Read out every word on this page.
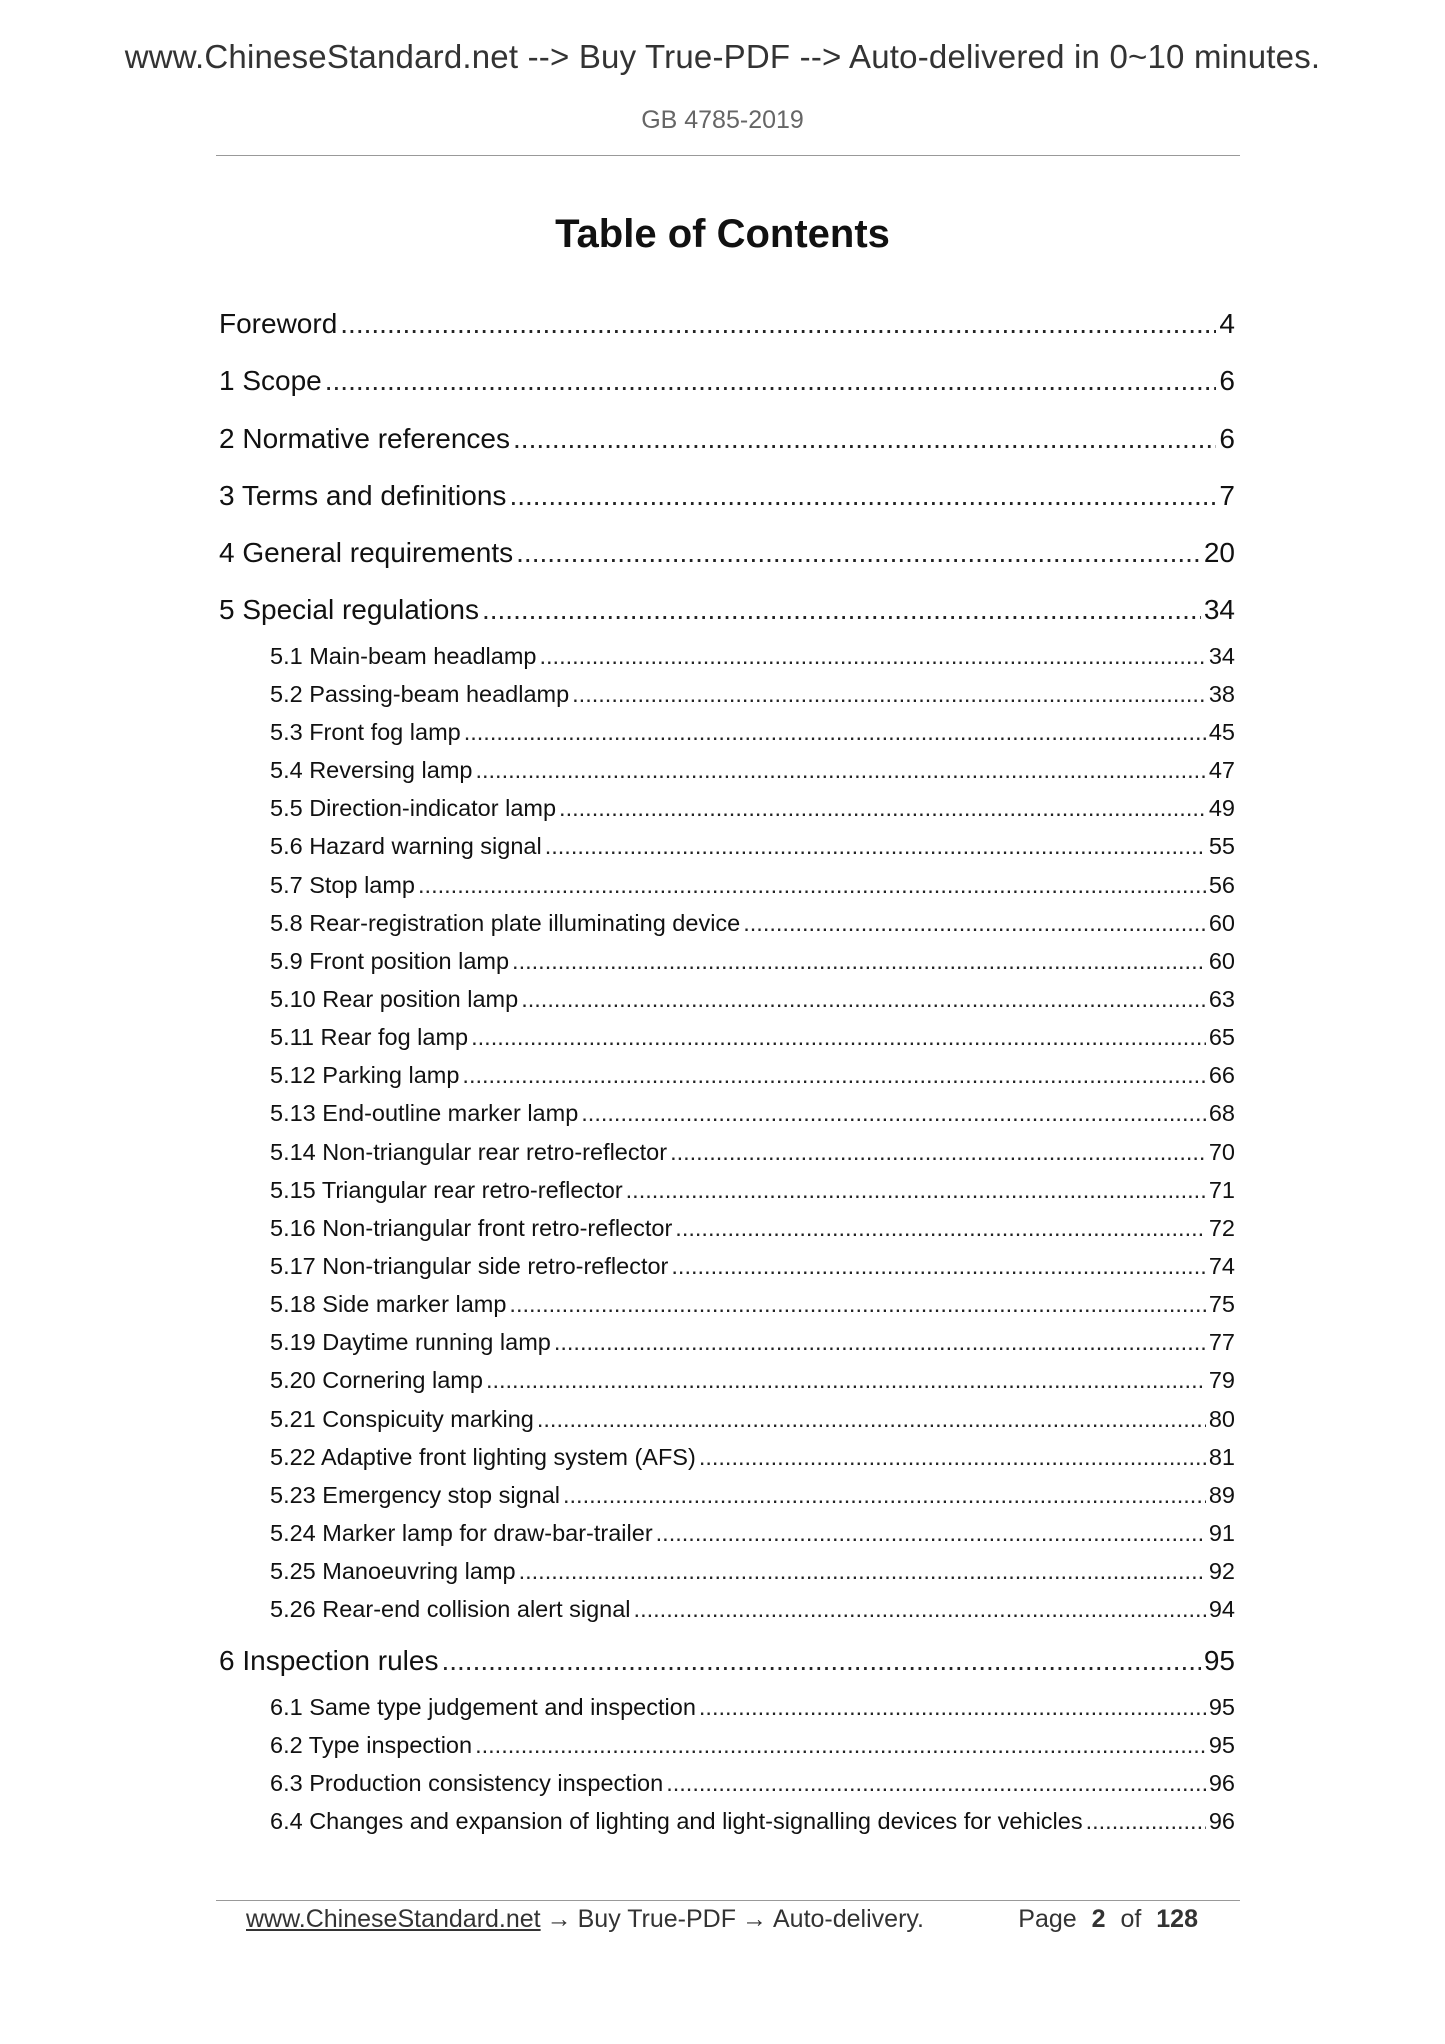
www.ChineseStandard.net --> Buy True-PDF --> Auto-delivered in 0~10 minutes.
GB 4785-2019
Table of Contents
Foreword .....	4
1 Scope .....	6
2 Normative references .....	6
3 Terms and definitions .....	7
4 General requirements .....	20
5 Special regulations .....	34
5.1 Main-beam headlamp .....	34
5.2 Passing-beam headlamp .....	38
5.3 Front fog lamp .....	45
5.4 Reversing lamp .....	47
5.5 Direction-indicator lamp .....	49
5.6 Hazard warning signal .....	55
5.7 Stop lamp .....	56
5.8 Rear-registration plate illuminating device .....	60
5.9 Front position lamp .....	60
5.10 Rear position lamp .....	63
5.11 Rear fog lamp .....	65
5.12 Parking lamp .....	66
5.13 End-outline marker lamp .....	68
5.14 Non-triangular rear retro-reflector .....	70
5.15 Triangular rear retro-reflector .....	71
5.16 Non-triangular front retro-reflector .....	72
5.17 Non-triangular side retro-reflector .....	74
5.18 Side marker lamp .....	75
5.19 Daytime running lamp .....	77
5.20 Cornering lamp .....	79
5.21 Conspicuity marking .....	80
5.22 Adaptive front lighting system (AFS) .....	81
5.23 Emergency stop signal .....	89
5.24 Marker lamp for draw-bar-trailer .....	91
5.25 Manoeuvring lamp .....	92
5.26 Rear-end collision alert signal .....	94
6 Inspection rules .....	95
6.1 Same type judgement and inspection .....	95
6.2 Type inspection .....	95
6.3 Production consistency inspection .....	96
6.4 Changes and expansion of lighting and light-signalling devices for vehicles .....	96
www.ChineseStandard.net → Buy True-PDF → Auto-delivery.	Page 2 of 128
